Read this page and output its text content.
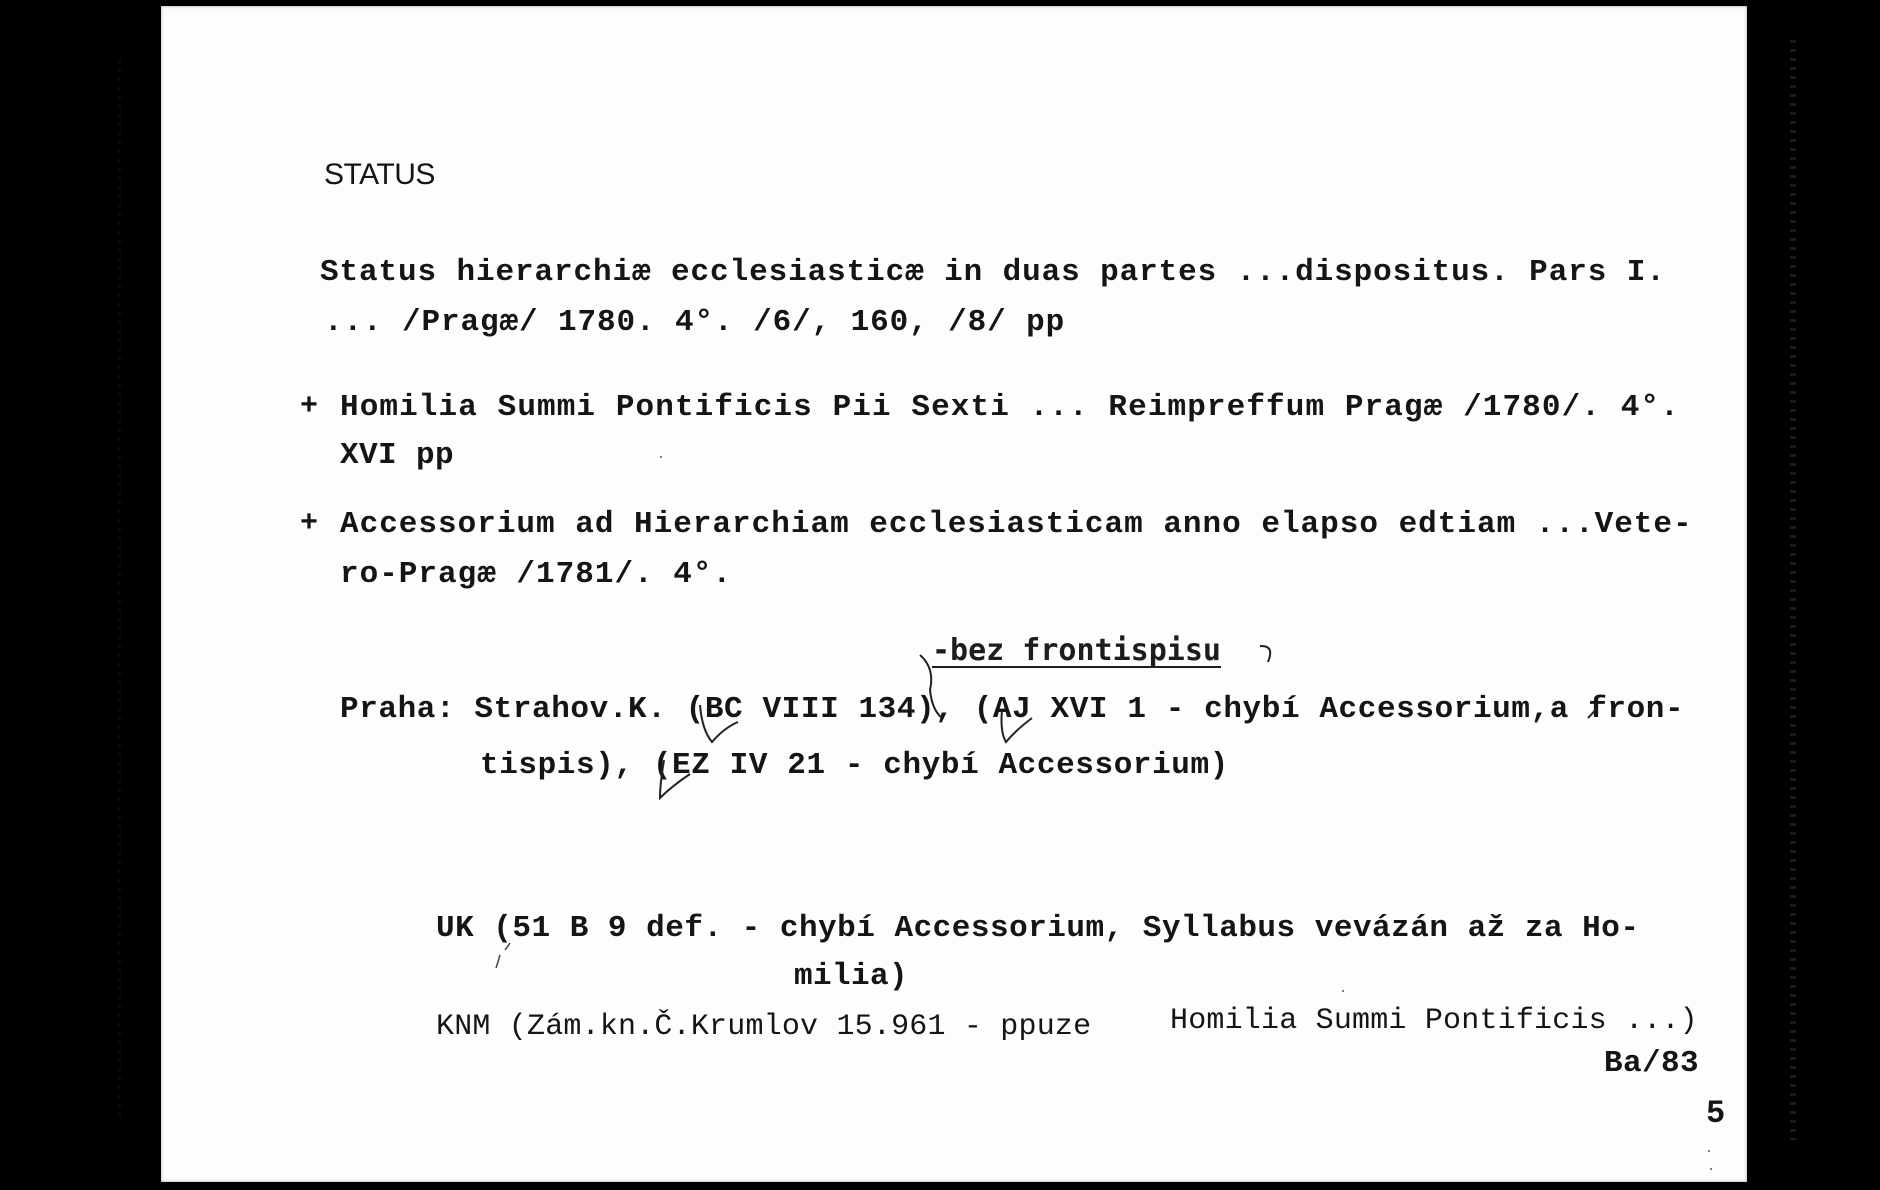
STATUS
Status hierarchiæ ecclesiasticæ in duas partes ...dispositus. Pars I.
... /Pragæ/ 1780. 4°. /6/, 160, /8/ pp
+ Homilia Summi Pontificis Pii Sexti ... Reimpreffum Pragæ /1780/. 4°.
XVI pp
+ Accessorium ad Hierarchiam ecclesiasticam anno elapso edtiam ...Vete-
ro-Pragæ /1781/. 4°.
-bez frontispisu
Praha: Strahov.K. (BC VIII 134), (AJ XVI 1 - chybí Accessorium,a fron-
tispis), (EZ IV 21 - chybí Accessorium)
UK (51 B 9 def. - chybí Accessorium, Syllabus vevázán až za Ho-
milia)
KNM (Zám.kn.Č.Krumlov 15.961 - ppuze	Homilia Summi Pontificis ...)
Ba/83
5
